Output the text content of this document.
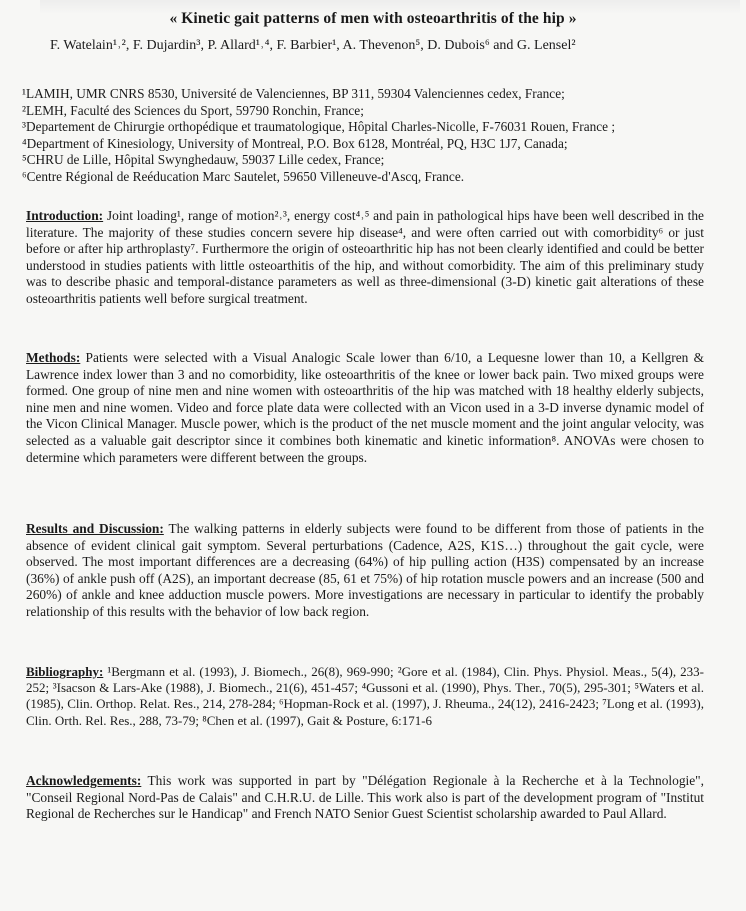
« Kinetic gait patterns of men with osteoarthritis of the hip »
F. Watelain¹˒², F. Dujardin³, P. Allard¹˒⁴, F. Barbier¹, A. Thevenon⁵, D. Dubois⁶ and G. Lensel²
¹LAMIH, UMR CNRS 8530, Université de Valenciennes, BP 311, 59304 Valenciennes cedex, France;
²LEMH, Faculté des Sciences du Sport, 59790 Ronchin, France;
³Departement de Chirurgie orthopédique et traumatologique, Hôpital Charles-Nicolle, F-76031 Rouen, France ;
⁴Department of Kinesiology, University of Montreal, P.O. Box 6128, Montréal, PQ, H3C 1J7, Canada;
⁵CHRU de Lille, Hôpital Swynghedauw, 59037 Lille cedex, France;
⁶Centre Régional de Reéducation Marc Sautelet, 59650 Villeneuve-d'Ascq, France.
Introduction: Joint loading¹, range of motion²˒³, energy cost⁴˒⁵ and pain in pathological hips have been well described in the literature. The majority of these studies concern severe hip disease⁴, and were often carried out with comorbidity⁶ or just before or after hip arthroplasty⁷. Furthermore the origin of osteoarthritic hip has not been clearly identified and could be better understood in studies patients with little osteoarthitis of the hip, and without comorbidity. The aim of this preliminary study was to describe phasic and temporal-distance parameters as well as three-dimensional (3-D) kinetic gait alterations of these osteoarthritis patients well before surgical treatment.
Methods: Patients were selected with a Visual Analogic Scale lower than 6/10, a Lequesne lower than 10, a Kellgren & Lawrence index lower than 3 and no comorbidity, like osteoarthritis of the knee or lower back pain. Two mixed groups were formed. One group of nine men and nine women with osteoarthritis of the hip was matched with 18 healthy elderly subjects, nine men and nine women. Video and force plate data were collected with an Vicon used in a 3-D inverse dynamic model of the Vicon Clinical Manager. Muscle power, which is the product of the net muscle moment and the joint angular velocity, was selected as a valuable gait descriptor since it combines both kinematic and kinetic information⁸. ANOVAs were chosen to determine which parameters were different between the groups.
Results and Discussion: The walking patterns in elderly subjects were found to be different from those of patients in the absence of evident clinical gait symptom. Several perturbations (Cadence, A2S, K1S…) throughout the gait cycle, were observed. The most important differences are a decreasing (64%) of hip pulling action (H3S) compensated by an increase (36%) of ankle push off (A2S), an important decrease (85, 61 et 75%) of hip rotation muscle powers and an increase (500 and 260%) of ankle and knee adduction muscle powers. More investigations are necessary in particular to identify the probably relationship of this results with the behavior of low back region.
Bibliography: ¹Bergmann et al. (1993), J. Biomech., 26(8), 969-990; ²Gore et al. (1984), Clin. Phys. Physiol. Meas., 5(4), 233-252; ³Isacson & Lars-Ake (1988), J. Biomech., 21(6), 451-457; ⁴Gussoni et al. (1990), Phys. Ther., 70(5), 295-301; ⁵Waters et al. (1985), Clin. Orthop. Relat. Res., 214, 278-284; ⁶Hopman-Rock et al. (1997), J. Rheuma., 24(12), 2416-2423; ⁷Long et al. (1993), Clin. Orth. Rel. Res., 288, 73-79; ⁸Chen et al. (1997), Gait & Posture, 6:171-6
Acknowledgements: This work was supported in part by "Délégation Regionale à la Recherche et à la Technologie", "Conseil Regional Nord-Pas de Calais" and C.H.R.U. de Lille. This work also is part of the development program of "Institut Regional de Recherches sur le Handicap" and French NATO Senior Guest Scientist scholarship awarded to Paul Allard.
